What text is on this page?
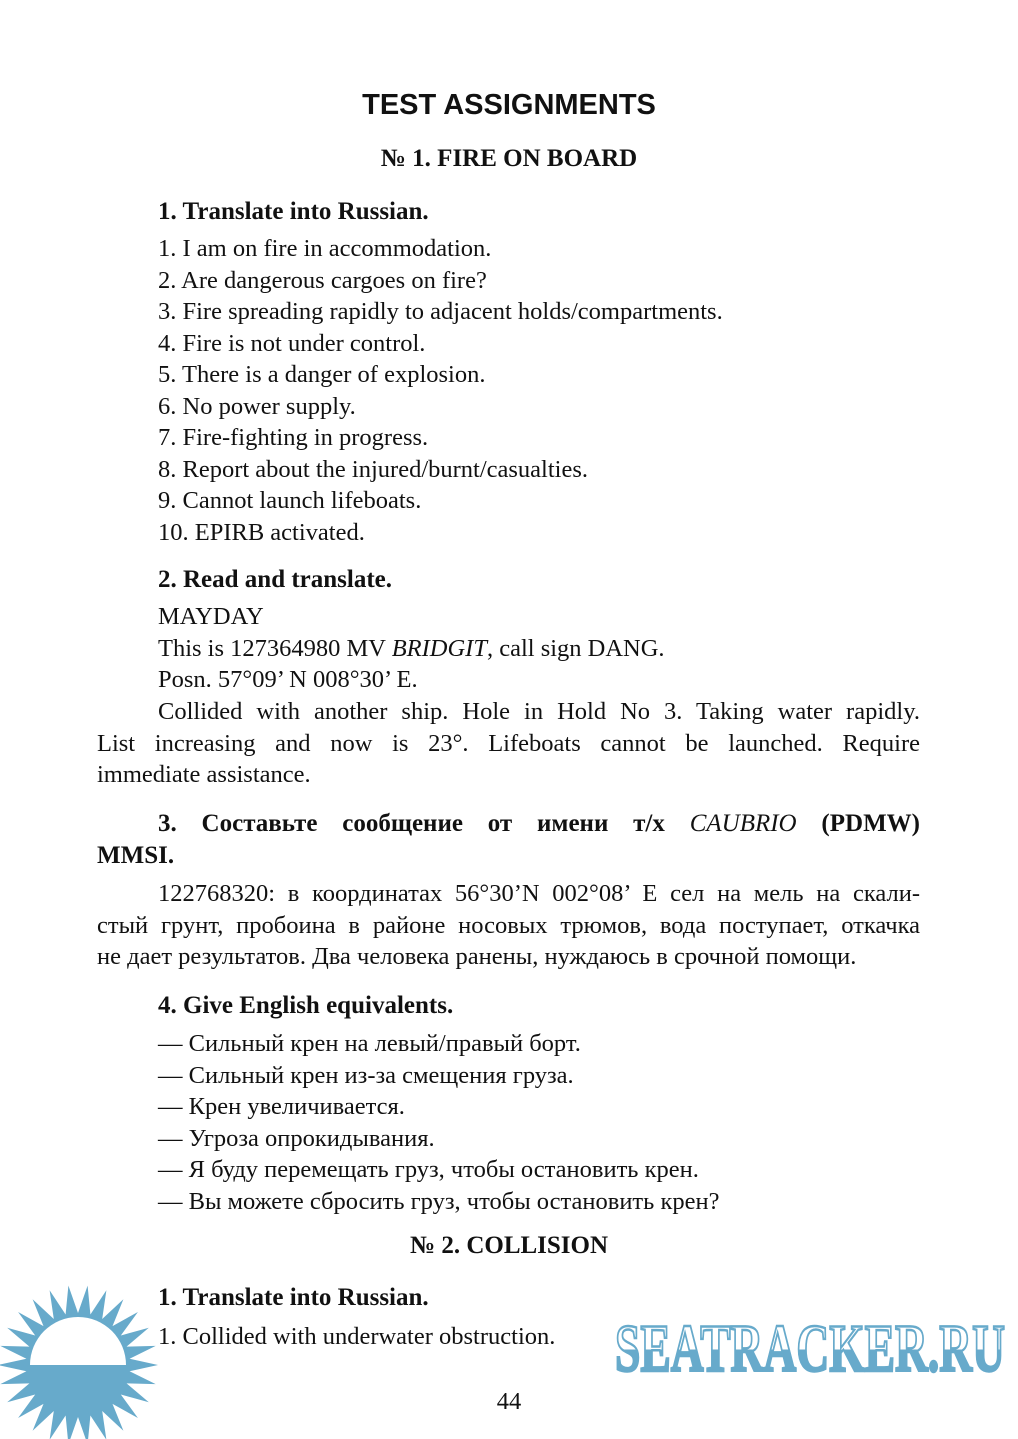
TEST ASSIGNMENTS
№ 1. FIRE ON BOARD
1. Translate into Russian.
1. I am on fire in accommodation.
2. Are dangerous cargoes on fire?
3. Fire spreading rapidly to adjacent holds/compartments.
4. Fire is not under control.
5. There is a danger of explosion.
6. No power supply.
7. Fire-fighting in progress.
8. Report about the injured/burnt/casualties.
9. Cannot launch lifeboats.
10. EPIRB activated.
2. Read and translate.
MAYDAY
This is 127364980 MV BRIDGIT, call sign DANG.
Posn. 57°09’ N 008°30’ E.
Collided with another ship. Hole in Hold No 3. Taking water rapidly.
List increasing and now is 23°. Lifeboats cannot be launched. Require
immediate assistance.
3. Составьте сообщение от имени т/х CAUBRIO (PDMW)
MMSI.
122768320: в координатах 56°30’N 002°08’ E сел на мель на скали-
стый грунт, пробоина в районе носовых трюмов, вода поступает, откачка
не дает результатов. Два человека ранены, нуждаюсь в срочной помощи.
4. Give English equivalents.
— Сильный крен на левый/правый борт.
— Сильный крен из-за смещения груза.
— Крен увеличивается.
— Угроза опрокидывания.
— Я буду перемещать груз, чтобы остановить крен.
— Вы можете сбросить груз, чтобы остановить крен?
№ 2. COLLISION
1. Translate into Russian.
1. Collided with underwater obstruction. SEATRACKER.RU
44
